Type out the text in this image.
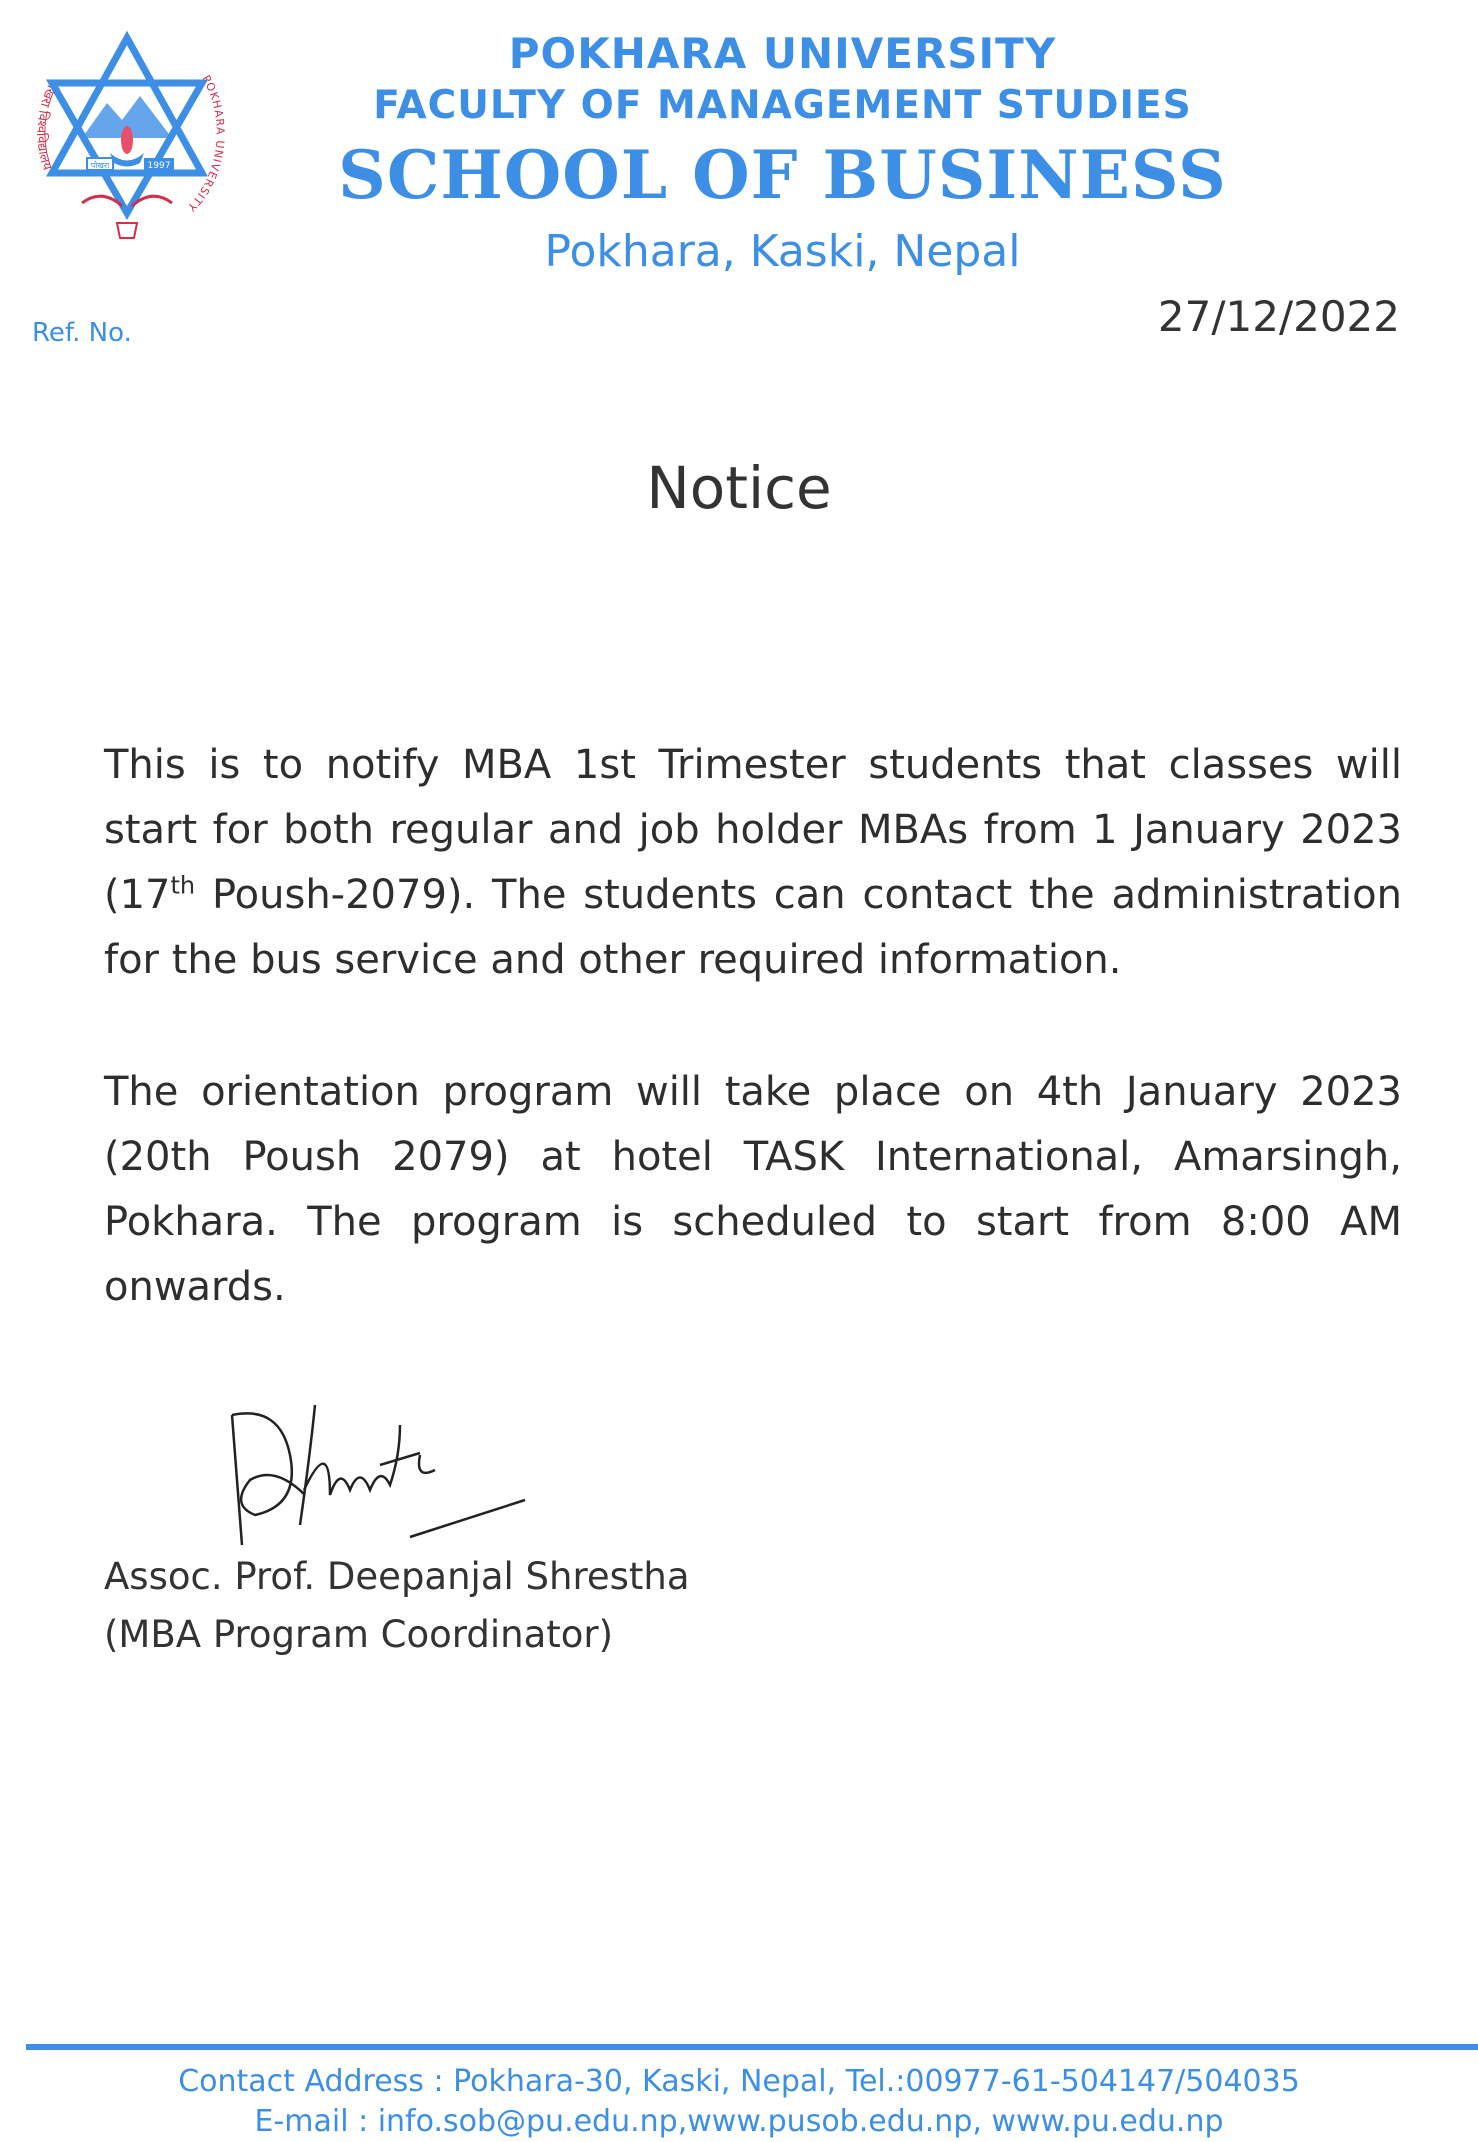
पोखरा विश्वविद्यालय
POKHARA UNIVERSITY
पोखरा	1997
POKHARA UNIVERSITY
FACULTY OF MANAGEMENT STUDIES
SCHOOL OF BUSINESS
Pokhara, Kaski, Nepal
Ref. No.	27/12/2022
Notice

This is to notify MBA 1st Trimester students that classes will start for both regular and job holder MBAs from 1 January 2023 (17th Poush-2079). The students can contact the administration for the bus service and other required information.

The orientation program will take place on 4th January 2023 (20th Poush 2079) at hotel TASK International, Amarsingh, Pokhara. The program is scheduled to start from 8:00 AM onwards.

Assoc. Prof. Deepanjal Shrestha
(MBA Program Coordinator)
Contact Address : Pokhara-30, Kaski, Nepal, Tel.:00977-61-504147/504035
E-mail : info.sob@pu.edu.np,www.pusob.edu.np, www.pu.edu.np
